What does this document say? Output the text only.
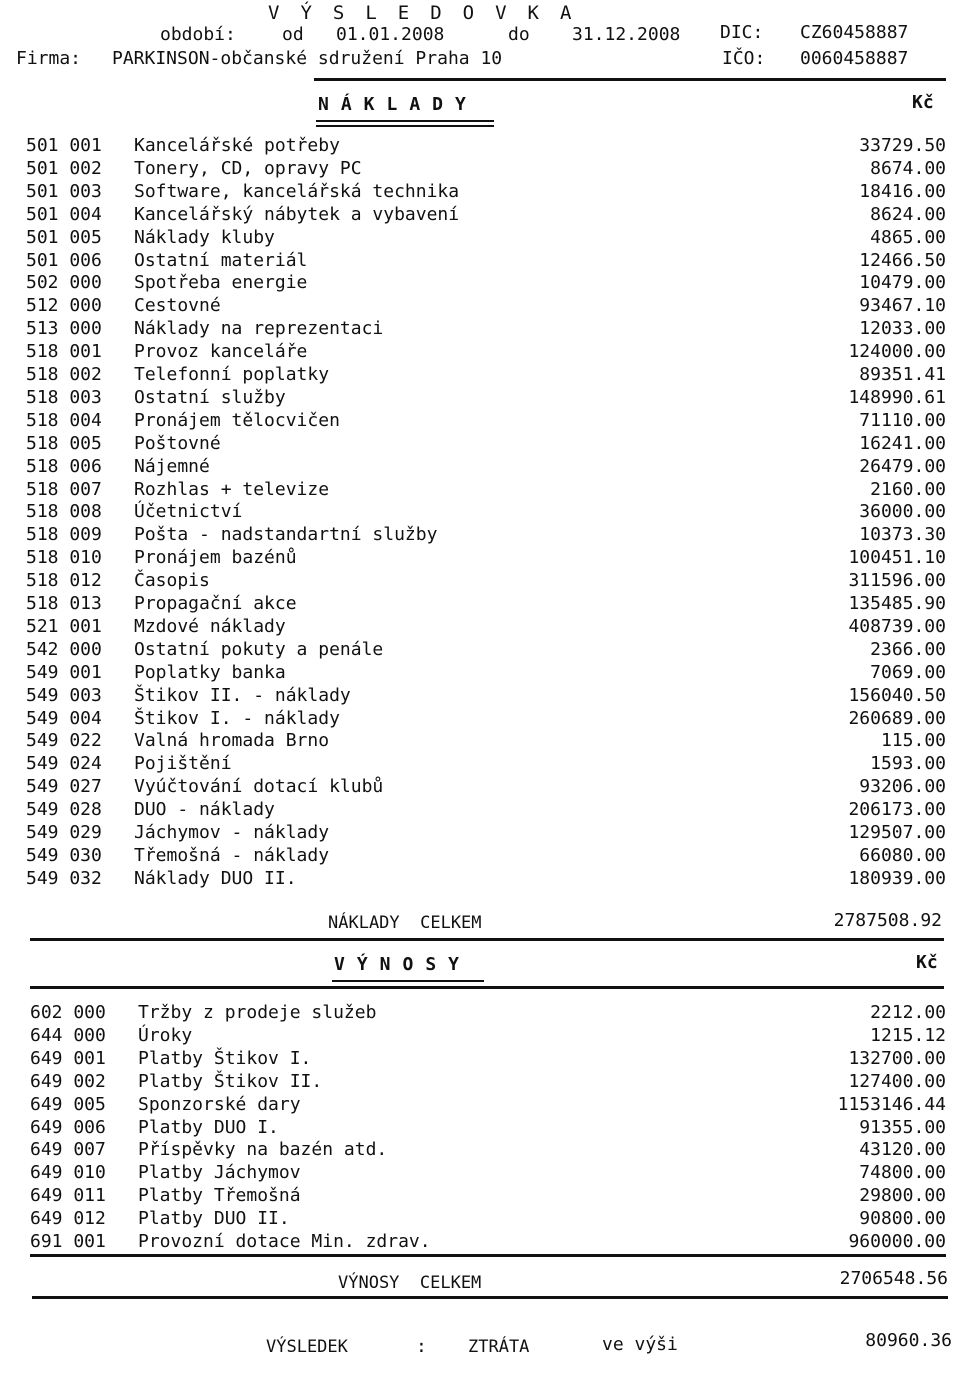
VÝSLEDOVKA
období:	od 01.01.2008	do 31.12.2008 DIC: CZ60458887
Firma: PARKINSON-občanské sdružení Praha 10	IČO: 0060458887
NÁKLADY	Kč
501 001 Kancelářské potřeby	33729.50
501 002 Tonery, CD, opravy PC	8674.00
501 003 Software, kancelářská technika	18416.00
501 004 Kancelářský nábytek a vybavení	8624.00
501 005 Náklady kluby	4865.00
501 006 Ostatní materiál	12466.50
502 000 Spotřeba energie	10479.00
512 000 Cestovné	93467.10
513 000 Náklady na reprezentaci	12033.00
518 001 Provoz kanceláře	124000.00
518 002 Telefonní poplatky	89351.41
518 003 Ostatní služby	148990.61
518 004 Pronájem tělocvičen	71110.00
518 005 Poštovné	16241.00
518 006 Nájemné	26479.00
518 007 Rozhlas + televize	2160.00
518 008 Účetnictví	36000.00
518 009 Pošta - nadstandartní služby	10373.30
518 010 Pronájem bazénů	100451.10
518 012 Časopis	311596.00
518 013 Propagační akce	135485.90
521 001 Mzdové náklady	408739.00
542 000 Ostatní pokuty a penále	2366.00
549 001 Poplatky banka	7069.00
549 003 Štikov II. - náklady	156040.50
549 004 Štikov I. - náklady	260689.00
549 022 Valná hromada Brno	115.00
549 024 Pojištění	1593.00
549 027 Vyúčtování dotací klubů	93206.00
549 028 DUO - náklady	206173.00
549 029 Jáchymov - náklady	129507.00
549 030 Třemošná - náklady	66080.00
549 032 Náklady DUO II.	180939.00
NÁKLADY  CELKEM	2787508.92
VÝNOSY	Kč
602 000 Tržby z prodeje služeb	2212.00
644 000 Úroky	1215.12
649 001 Platby Štikov I.	132700.00
649 002 Platby Štikov II.	127400.00
649 005 Sponzorské dary	1153146.44
649 006 Platby DUO I.	91355.00
649 007 Příspěvky na bazén atd.	43120.00
649 010 Platby Jáchymov	74800.00
649 011 Platby Třemošná	29800.00
649 012 Platby DUO II.	90800.00
691 001 Provozní dotace Min. zdrav.	960000.00
VÝNOSY  CELKEM	2706548.56
VÝSLEDEK	: ZTRÁTA	ve výši	80960.36
